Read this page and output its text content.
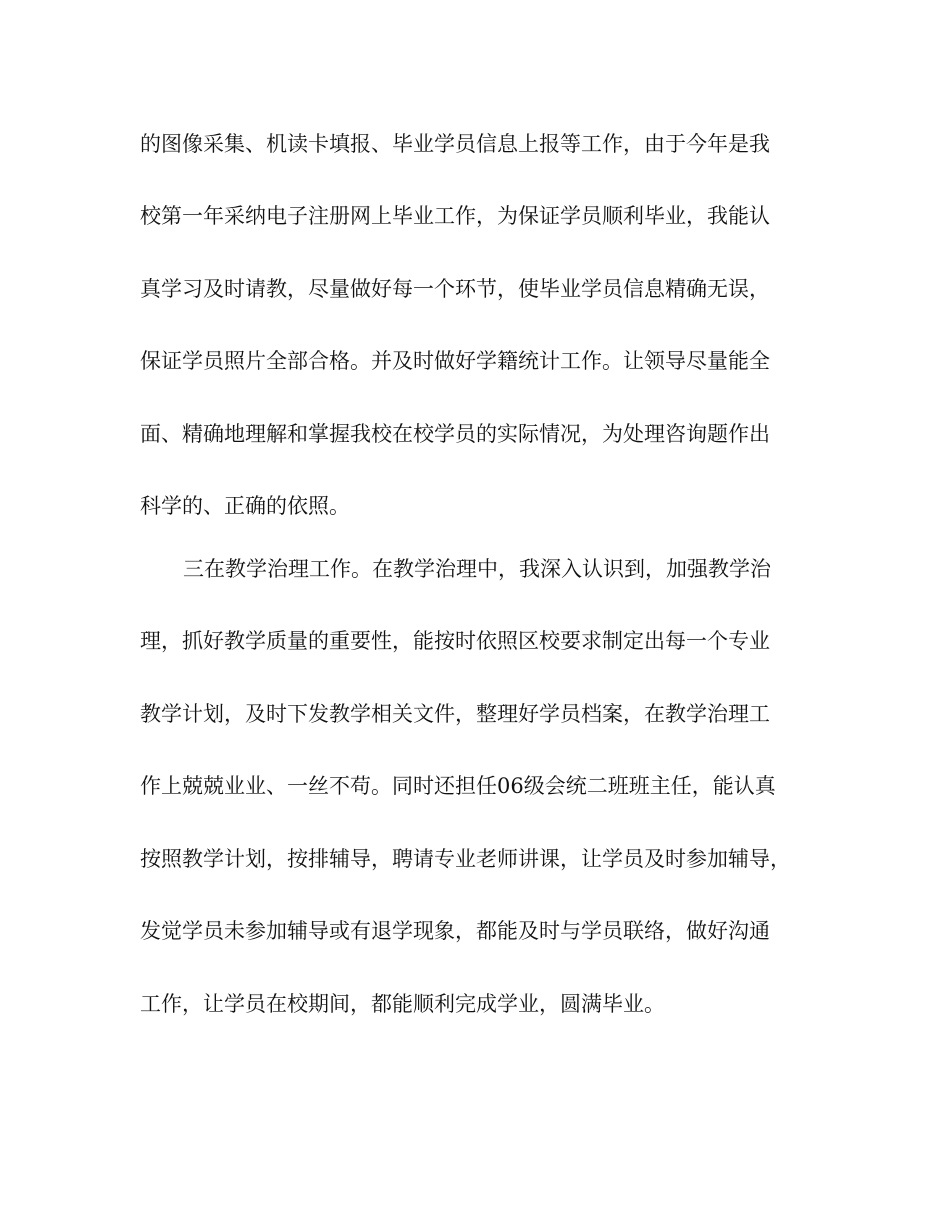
的图像采集、机读卡填报、毕业学员信息上报等工作，由于今年是我
校第一年采纳电子注册网上毕业工作，为保证学员顺利毕业，我能认
真学习及时请教，尽量做好每一个环节，使毕业学员信息精确无误，
保证学员照片全部合格。并及时做好学籍统计工作。让领导尽量能全
面、精确地理解和掌握我校在校学员的实际情况，为处理咨询题作出
科学的、正确的依照。
三在教学治理工作。在教学治理中，我深入认识到，加强教学治
理，抓好教学质量的重要性，能按时依照区校要求制定出每一个专业
教学计划，及时下发教学相关文件，整理好学员档案，在教学治理工
作上兢兢业业、一丝不苟。同时还担任06级会统二班班主任，能认真
按照教学计划，按排辅导，聘请专业老师讲课，让学员及时参加辅导，
发觉学员未参加辅导或有退学现象，都能及时与学员联络，做好沟通
工作，让学员在校期间，都能顺利完成学业，圆满毕业。
